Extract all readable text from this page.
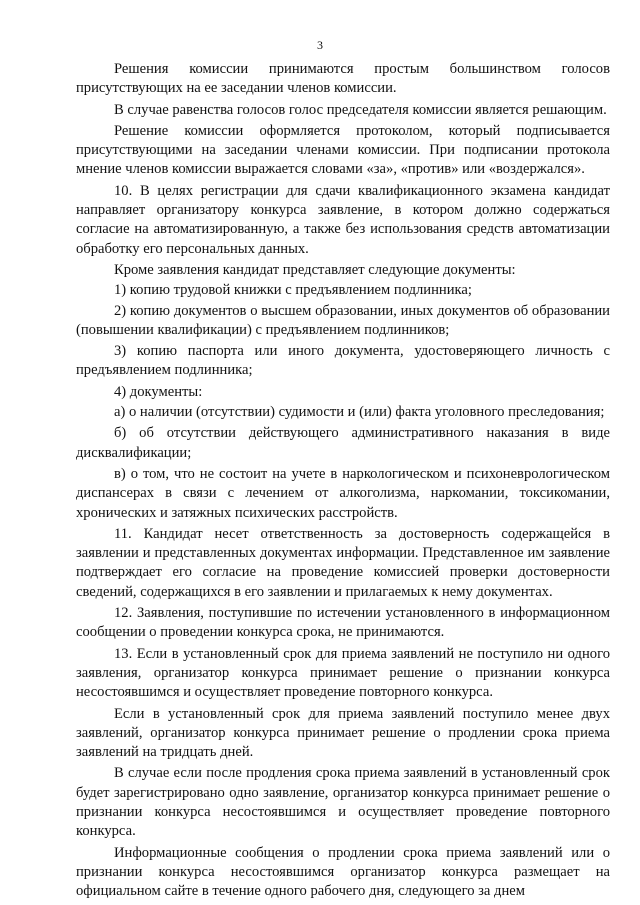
3

Решения комиссии принимаются простым большинством голосов присутствующих на ее заседании членов комиссии.

В случае равенства голосов голос председателя комиссии является решающим.

Решение комиссии оформляется протоколом, который подписывается присутствующими на заседании членами комиссии. При подписании протокола мнение членов комиссии выражается словами «за», «против» или «воздержался».

10. В целях регистрации для сдачи квалификационного экзамена кандидат направляет организатору конкурса заявление, в котором должно содержаться согласие на автоматизированную, а также без использования средств автоматизации обработку его персональных данных.

Кроме заявления кандидат представляет следующие документы:

1) копию трудовой книжки с предъявлением подлинника;

2) копию документов о высшем образовании, иных документов об образовании (повышении квалификации) с предъявлением подлинников;

3) копию паспорта или иного документа, удостоверяющего личность с предъявлением подлинника;

4) документы:

а) о наличии (отсутствии) судимости и (или) факта уголовного преследования;

б) об отсутствии действующего административного наказания в виде дисквалификации;

в) о том, что не состоит на учете в наркологическом и психоневрологическом диспансерах в связи с лечением от алкоголизма, наркомании, токсикомании, хронических и затяжных психических расстройств.

11. Кандидат несет ответственность за достоверность содержащейся в заявлении и представленных документах информации. Представленное им заявление подтверждает его согласие на проведение комиссией проверки достоверности сведений, содержащихся в его заявлении и прилагаемых к нему документах.

12. Заявления, поступившие по истечении установленного в информационном сообщении о проведении конкурса срока, не принимаются.

13. Если в установленный срок для приема заявлений не поступило ни одного заявления, организатор конкурса принимает решение о признании конкурса несостоявшимся и осуществляет проведение повторного конкурса.

Если в установленный срок для приема заявлений поступило менее двух заявлений, организатор конкурса принимает решение о продлении срока приема заявлений на тридцать дней.

В случае если после продления срока приема заявлений в установленный срок будет зарегистрировано одно заявление, организатор конкурса принимает решение о признании конкурса несостоявшимся и осуществляет проведение повторного конкурса.

Информационные сообщения о продлении срока приема заявлений или о признании конкурса несостоявшимся организатор конкурса размещает на официальном сайте в течение одного рабочего дня, следующего за днем
